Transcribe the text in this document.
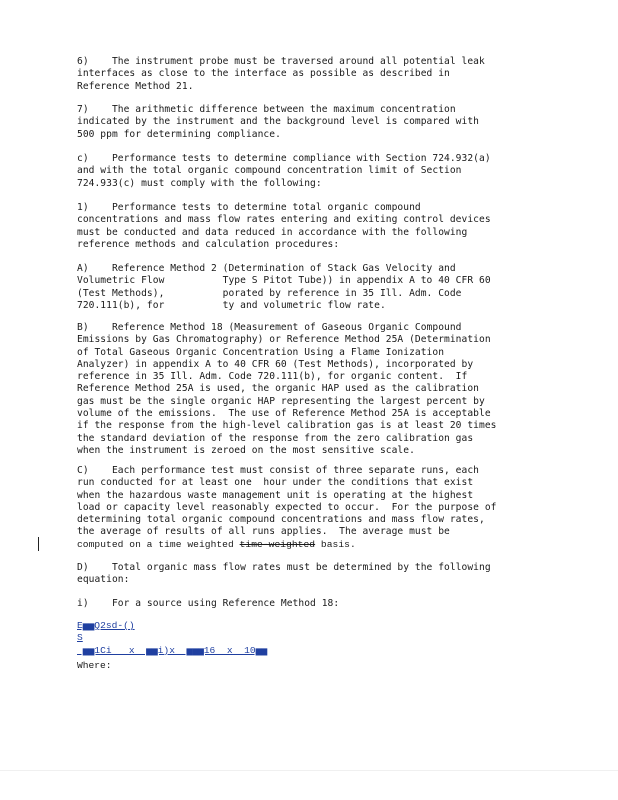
6)    The instrument probe must be traversed around all potential leak
interfaces as close to the interface as possible as described in
Reference Method 21.
7)    The arithmetic difference between the maximum concentration
indicated by the instrument and the background level is compared with
500 ppm for determining compliance.
c)    Performance tests to determine compliance with Section 724.932(a)
and with the total organic compound concentration limit of Section
724.933(c) must comply with the following:
1)    Performance tests to determine total organic compound
concentrations and mass flow rates entering and exiting control devices
must be conducted and data reduced in accordance with the following
reference methods and calculation procedures:
A)    Reference Method 2 (Determination of Stack Gas Velocity and
Volumetric Flow          Type S Pitot Tube)) in appendix A to 40 CFR 60
(Test Methods),          porated by reference in 35 Ill. Adm. Code
720.111(b), for          ty and volumetric flow rate.
B)    Reference Method 18 (Measurement of Gaseous Organic Compound
Emissions by Gas Chromatography) or Reference Method 25A (Determination
of Total Gaseous Organic Concentration Using a Flame Ionization
Analyzer) in appendix A to 40 CFR 60 (Test Methods), incorporated by
reference in 35 Ill. Adm. Code 720.111(b), for organic content.  If
Reference Method 25A is used, the organic HAP used as the calibration
gas must be the single organic HAP representing the largest percent by
volume of the emissions.  The use of Reference Method 25A is acceptable
if the response from the high-level calibration gas is at least 20 times
the standard deviation of the response from the zero calibration gas
when the instrument is zeroed on the most sensitive scale.
C)    Each performance test must consist of three separate runs, each
run conducted for at least one  hour under the conditions that exist
when the hazardous waste management unit is operating at the highest
load or capacity level reasonably expected to occur.  For the purpose of
determining total organic compound concentrations and mass flow rates,
the average of results of all runs applies.  The average must be
computed on a time weighted time-weighted basis.
D)    Total organic mass flow rates must be determined by the following
equation:
i)    For a source using Reference Method 18:
E▅▅Q2sd-()
S
▅▅1Ci   x  ▅▅i)x  ▅▅▅16  x  10▅▅
Where:
